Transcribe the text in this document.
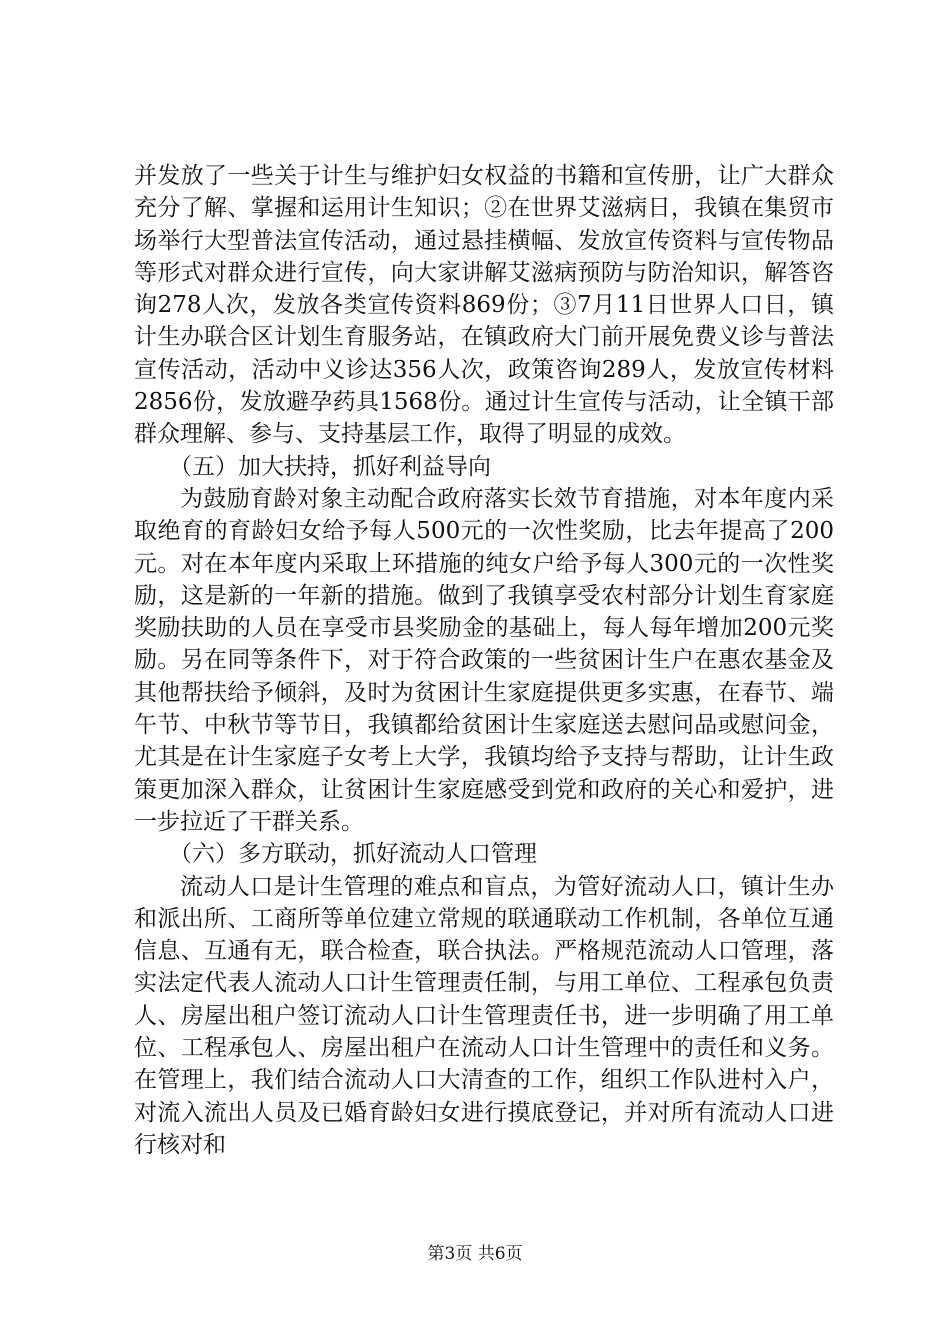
并发放了一些关于计生与维护妇女权益的书籍和宣传册，让广大群众充分了解、掌握和运用计生知识；②在世界艾滋病日，我镇在集贸市场举行大型普法宣传活动，通过悬挂横幅、发放宣传资料与宣传物品等形式对群众进行宣传，向大家讲解艾滋病预防与防治知识，解答咨询278人次，发放各类宣传资料869份；③7月11日世界人口日，镇计生办联合区计划生育服务站，在镇政府大门前开展免费义诊与普法宣传活动，活动中义诊达356人次，政策咨询289人，发放宣传材料2856份，发放避孕药具1568份。通过计生宣传与活动，让全镇干部群众理解、参与、支持基层工作，取得了明显的成效。

（五）加大扶持，抓好利益导向

为鼓励育龄对象主动配合政府落实长效节育措施，对本年度内采取绝育的育龄妇女给予每人500元的一次性奖励，比去年提高了200元。对在本年度内采取上环措施的纯女户给予每人300元的一次性奖励，这是新的一年新的措施。做到了我镇享受农村部分计划生育家庭奖励扶助的人员在享受市县奖励金的基础上，每人每年增加200元奖励。另在同等条件下，对于符合政策的一些贫困计生户在惠农基金及其他帮扶给予倾斜，及时为贫困计生家庭提供更多实惠，在春节、端午节、中秋节等节日，我镇都给贫困计生家庭送去慰问品或慰问金，尤其是在计生家庭子女考上大学，我镇均给予支持与帮助，让计生政策更加深入群众，让贫困计生家庭感受到党和政府的关心和爱护，进一步拉近了干群关系。

（六）多方联动，抓好流动人口管理

流动人口是计生管理的难点和盲点，为管好流动人口，镇计生办和派出所、工商所等单位建立常规的联通联动工作机制，各单位互通信息、互通有无，联合检查，联合执法。严格规范流动人口管理，落实法定代表人流动人口计生管理责任制，与用工单位、工程承包负责人、房屋出租户签订流动人口计生管理责任书，进一步明确了用工单位、工程承包人、房屋出租户在流动人口计生管理中的责任和义务。在管理上，我们结合流动人口大清查的工作，组织工作队进村入户，对流入流出人员及已婚育龄妇女进行摸底登记，并对所有流动人口进行核对和

第3页 共6页
